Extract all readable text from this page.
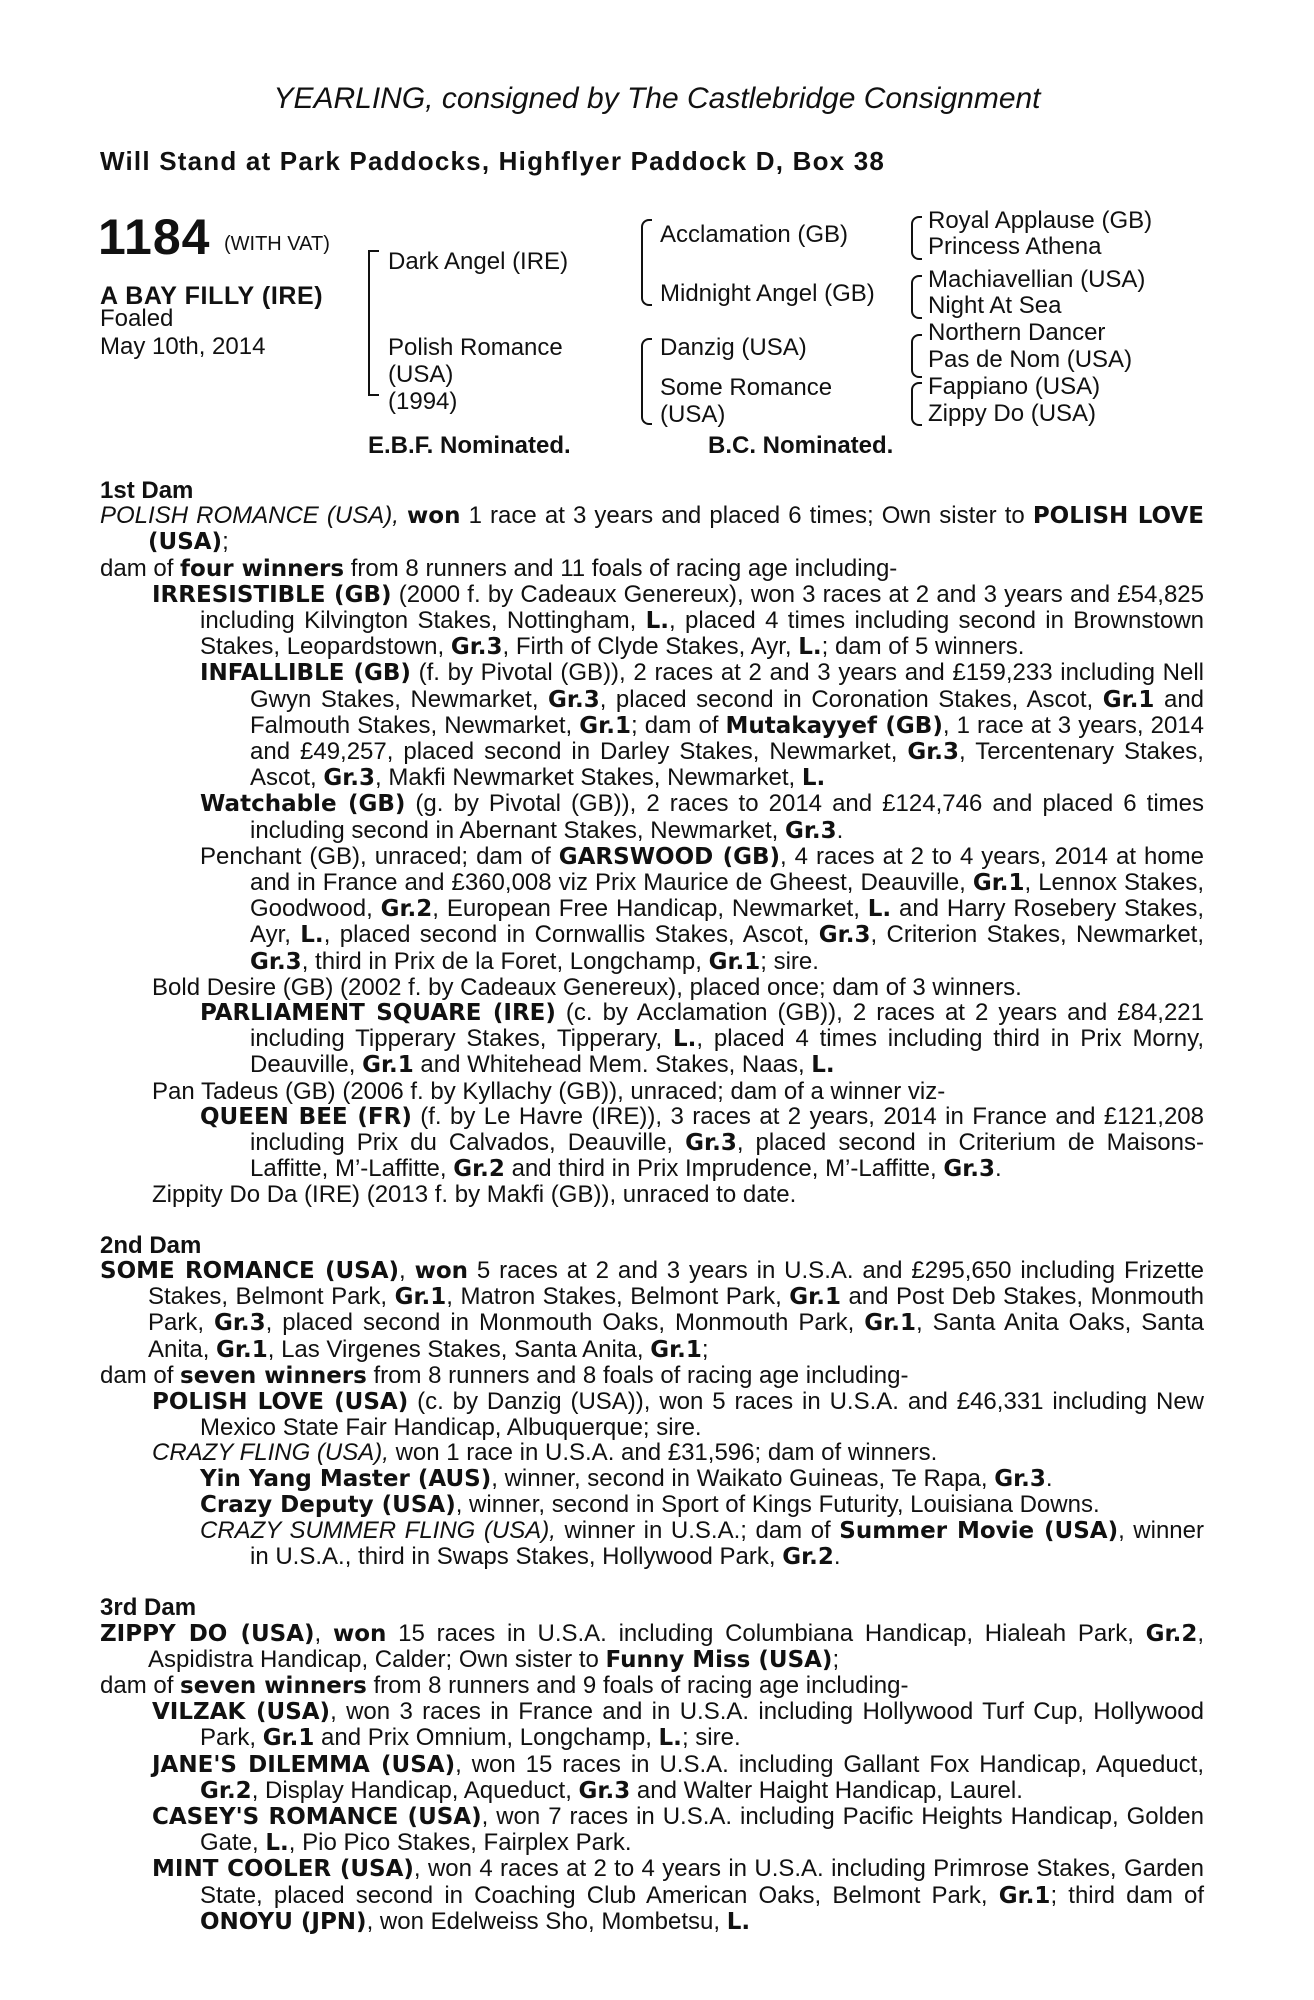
YEARLING, consigned by The Castlebridge Consignment
Will Stand at Park Paddocks, Highflyer Paddock D, Box 38
1184 (WITH VAT)
A BAY FILLY (IRE)
Foaled
May 10th, 2014
Dark Angel (IRE)
Polish Romance
(USA)
(1994)
Acclamation (GB)
Midnight Angel (GB)
Danzig (USA)
Some Romance
(USA)
Royal Applause (GB)
Princess Athena
Machiavellian (USA)
Night At Sea
Northern Dancer
Pas de Nom (USA)
Fappiano (USA)
Zippy Do (USA)
E.B.F. Nominated.	B.C. Nominated.
1st Dam
POLISH ROMANCE (USA), won 1 race at 3 years and placed 6 times; Own sister to POLISH LOVE (USA);
dam of four winners from 8 runners and 11 foals of racing age including-
IRRESISTIBLE (GB) (2000 f. by Cadeaux Genereux), won 3 races at 2 and 3 years and £54,825 including Kilvington Stakes, Nottingham, L., placed 4 times including second in Brownstown Stakes, Leopardstown, Gr.3, Firth of Clyde Stakes, Ayr, L.; dam of 5 winners.
INFALLIBLE (GB) (f. by Pivotal (GB)), 2 races at 2 and 3 years and £159,233 including Nell Gwyn Stakes, Newmarket, Gr.3, placed second in Coronation Stakes, Ascot, Gr.1 and Falmouth Stakes, Newmarket, Gr.1; dam of Mutakayyef (GB), 1 race at 3 years, 2014 and £49,257, placed second in Darley Stakes, Newmarket, Gr.3, Tercentenary Stakes, Ascot, Gr.3, Makfi Newmarket Stakes, Newmarket, L.
Watchable (GB) (g. by Pivotal (GB)), 2 races to 2014 and £124,746 and placed 6 times including second in Abernant Stakes, Newmarket, Gr.3.
Penchant (GB), unraced; dam of GARSWOOD (GB), 4 races at 2 to 4 years, 2014 at home and in France and £360,008 viz Prix Maurice de Gheest, Deauville, Gr.1, Lennox Stakes, Goodwood, Gr.2, European Free Handicap, Newmarket, L. and Harry Rosebery Stakes, Ayr, L., placed second in Cornwallis Stakes, Ascot, Gr.3, Criterion Stakes, Newmarket, Gr.3, third in Prix de la Foret, Longchamp, Gr.1; sire.
Bold Desire (GB) (2002 f. by Cadeaux Genereux), placed once; dam of 3 winners.
PARLIAMENT SQUARE (IRE) (c. by Acclamation (GB)), 2 races at 2 years and £84,221 including Tipperary Stakes, Tipperary, L., placed 4 times including third in Prix Morny, Deauville, Gr.1 and Whitehead Mem. Stakes, Naas, L.
Pan Tadeus (GB) (2006 f. by Kyllachy (GB)), unraced; dam of a winner viz-
QUEEN BEE (FR) (f. by Le Havre (IRE)), 3 races at 2 years, 2014 in France and £121,208 including Prix du Calvados, Deauville, Gr.3, placed second in Criterium de Maisons-Laffitte, M’-Laffitte, Gr.2 and third in Prix Imprudence, M’-Laffitte, Gr.3.
Zippity Do Da (IRE) (2013 f. by Makfi (GB)), unraced to date.
2nd Dam
SOME ROMANCE (USA), won 5 races at 2 and 3 years in U.S.A. and £295,650 including Frizette Stakes, Belmont Park, Gr.1, Matron Stakes, Belmont Park, Gr.1 and Post Deb Stakes, Monmouth Park, Gr.3, placed second in Monmouth Oaks, Monmouth Park, Gr.1, Santa Anita Oaks, Santa Anita, Gr.1, Las Virgenes Stakes, Santa Anita, Gr.1;
dam of seven winners from 8 runners and 8 foals of racing age including-
POLISH LOVE (USA) (c. by Danzig (USA)), won 5 races in U.S.A. and £46,331 including New Mexico State Fair Handicap, Albuquerque; sire.
CRAZY FLING (USA), won 1 race in U.S.A. and £31,596; dam of winners.
Yin Yang Master (AUS), winner, second in Waikato Guineas, Te Rapa, Gr.3.
Crazy Deputy (USA), winner, second in Sport of Kings Futurity, Louisiana Downs.
CRAZY SUMMER FLING (USA), winner in U.S.A.; dam of Summer Movie (USA), winner in U.S.A., third in Swaps Stakes, Hollywood Park, Gr.2.
3rd Dam
ZIPPY DO (USA), won 15 races in U.S.A. including Columbiana Handicap, Hialeah Park, Gr.2, Aspidistra Handicap, Calder; Own sister to Funny Miss (USA);
dam of seven winners from 8 runners and 9 foals of racing age including-
VILZAK (USA), won 3 races in France and in U.S.A. including Hollywood Turf Cup, Hollywood Park, Gr.1 and Prix Omnium, Longchamp, L.; sire.
JANE'S DILEMMA (USA), won 15 races in U.S.A. including Gallant Fox Handicap, Aqueduct, Gr.2, Display Handicap, Aqueduct, Gr.3 and Walter Haight Handicap, Laurel.
CASEY'S ROMANCE (USA), won 7 races in U.S.A. including Pacific Heights Handicap, Golden Gate, L., Pio Pico Stakes, Fairplex Park.
MINT COOLER (USA), won 4 races at 2 to 4 years in U.S.A. including Primrose Stakes, Garden State, placed second in Coaching Club American Oaks, Belmont Park, Gr.1; third dam of ONOYU (JPN), won Edelweiss Sho, Mombetsu, L.
